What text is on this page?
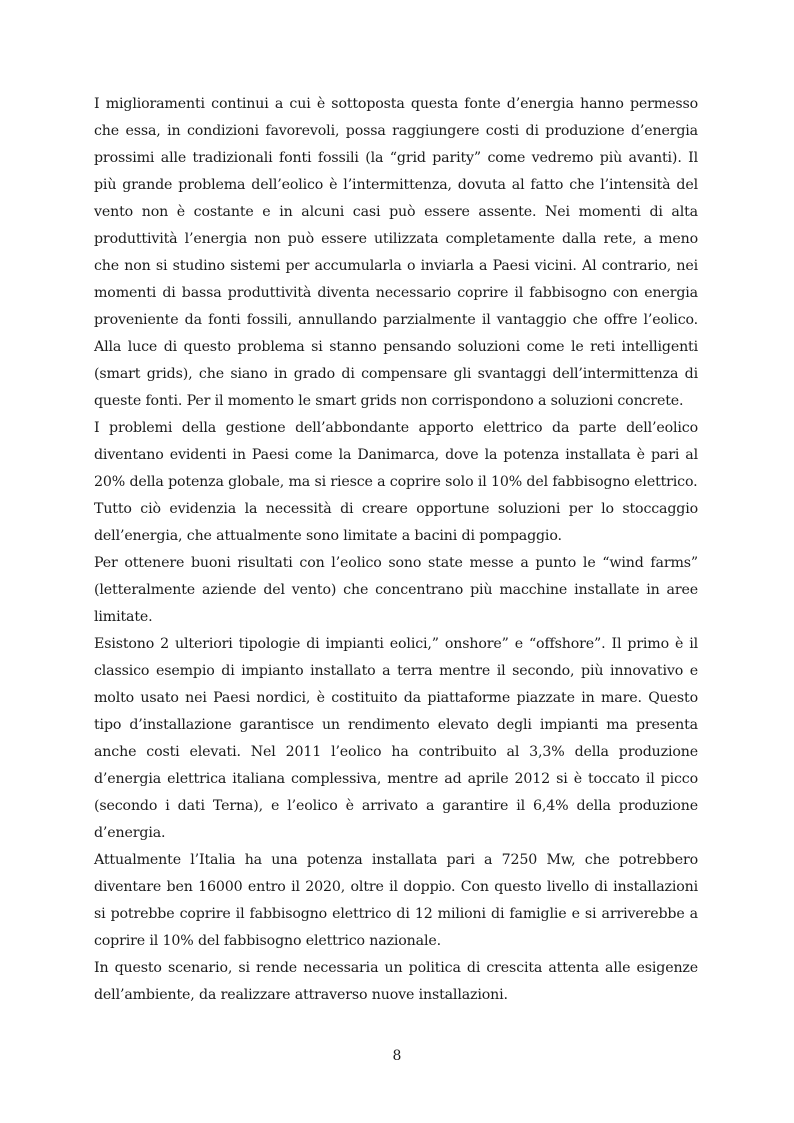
I miglioramenti continui a cui è sottoposta questa fonte d’energia hanno permesso che essa, in condizioni favorevoli, possa raggiungere costi di produzione d’energia prossimi alle tradizionali fonti fossili (la “grid parity” come vedremo più avanti). Il più grande problema dell’eolico è l’intermittenza, dovuta al fatto che l’intensità del vento non è costante e in alcuni casi può essere assente. Nei momenti di alta produttività l’energia non può essere utilizzata completamente dalla rete, a meno che non si studino sistemi per accumularla o inviarla a Paesi vicini. Al contrario, nei momenti di bassa produttività diventa necessario coprire il fabbisogno con energia proveniente da fonti fossili, annullando parzialmente il vantaggio che offre l’eolico. Alla luce di questo problema si stanno pensando soluzioni come le reti intelligenti (smart grids), che siano in grado di compensare gli svantaggi dell’intermittenza di queste fonti. Per il momento le smart grids non corrispondono a soluzioni concrete.

I problemi della gestione dell’abbondante apporto elettrico da parte dell’eolico diventano evidenti in Paesi come la Danimarca, dove la potenza installata è pari al 20% della potenza globale, ma si riesce a coprire solo il 10% del fabbisogno elettrico.

Tutto ciò evidenzia la necessità di creare opportune soluzioni per lo stoccaggio dell’energia, che attualmente sono limitate a bacini di pompaggio.

Per ottenere buoni risultati con l’eolico sono state messe a punto le “wind farms” (letteralmente aziende del vento) che concentrano più macchine installate in aree limitate.

Esistono 2 ulteriori tipologie di impianti eolici,” onshore” e “offshore”. Il primo è il classico esempio di impianto installato a terra mentre il secondo, più innovativo e molto usato nei Paesi nordici, è costituito da piattaforme piazzate in mare. Questo tipo d’installazione garantisce un rendimento elevato degli impianti ma presenta anche costi elevati. Nel 2011 l’eolico ha contribuito al 3,3% della produzione d’energia elettrica italiana complessiva, mentre ad aprile 2012 si è toccato il picco (secondo i dati Terna), e l’eolico è arrivato a garantire il 6,4% della produzione d’energia.

Attualmente l’Italia ha una potenza installata pari a 7250 Mw, che potrebbero diventare ben 16000 entro il 2020, oltre il doppio. Con questo livello di installazioni si potrebbe coprire il fabbisogno elettrico di 12 milioni di famiglie e si arriverebbe a coprire il 10% del fabbisogno elettrico nazionale.

In questo scenario, si rende necessaria un politica di crescita attenta alle esigenze dell’ambiente, da realizzare attraverso nuove installazioni.

8
